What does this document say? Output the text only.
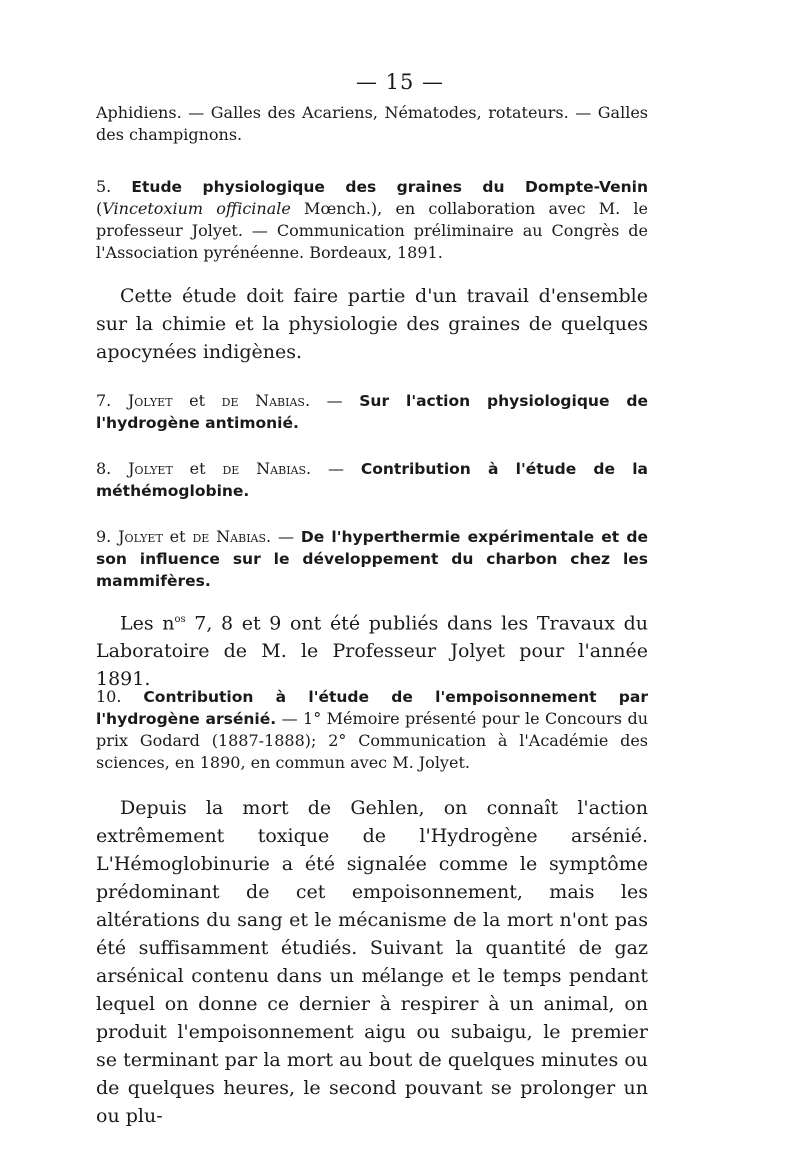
— 15 —

Aphidiens. — Galles des Acariens, Nématodes, rotateurs. — Galles des champignons.

5. Etude physiologique des graines du Dompte-Venin (Vincetoxium officinale Mœnch.), en collaboration avec M. le professeur Jolyet. — Communication préliminaire au Congrès de l'Association pyrénéenne. Bordeaux, 1891.

Cette étude doit faire partie d'un travail d'ensemble sur la chimie et la physiologie des graines de quelques apocynées indigènes.

7. Jolyet et de Nabias. — Sur l'action physiologique de l'hydrogène antimonié.
8. Jolyet et de Nabias. — Contribution à l'étude de la méthémoglobine.
9. Jolyet et de Nabias. — De l'hyperthermie expérimentale et de son influence sur le développement du charbon chez les mammifères.

Les $n^{os}$ 7, 8 et 9 ont été publiés dans les Travaux du Laboratoire de M. le Professeur Jolyet pour l'année 1891.

10. Contribution à l'étude de l'empoisonnement par l'hydrogène arsénié. — 1° Mémoire présenté pour le Concours du prix Godard (1887-1888); 2° Communication à l'Académie des sciences, en 1890, en commun avec M. Jolyet.

Depuis la mort de Gehlen, on connaît l'action extrêmement toxique de l'Hydrogène arsénié. L'Hémoglobinurie a été signalée comme le symptôme prédominant de cet empoisonnement, mais les altérations du sang et le mécanisme de la mort n'ont pas été suffisamment étudiés. Suivant la quantité de gaz arsénical contenu dans un mélange et le temps pendant lequel on donne ce dernier à respirer à un animal, on produit l'empoisonnement aigu ou subaigu, le premier se terminant par la mort au bout de quelques minutes ou de quelques heures, le second pouvant se prolonger un ou plu-
